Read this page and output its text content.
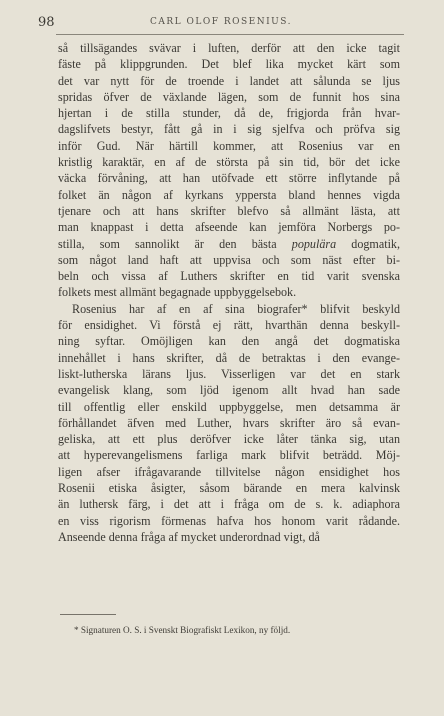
98	CARL OLOF ROSENIUS.

så tillsägandes svävar i luften, derför att den icke tagit
fäste på klippgrunden. Det blef lika mycket kärt som
det var nytt för de troende i landet att sålunda se ljus
spridas öfver de växlande lägen, som de funnit hos sina
hjertan i de stilla stunder, då de, frigjorda från hvar-
dagslifvets bestyr, fått gå in i sig sjelfva och pröfva sig
inför Gud. När härtill kommer, att Rosenius var en
kristlig karaktär, en af de största på sin tid, bör det icke
väcka förvåning, att han utöfvade ett större inflytande på
folket än någon af kyrkans yppersta bland hennes vigda
tjenare och att hans skrifter blefvo så allmänt lästa, att
man knappast i detta afseende kan jemföra Norbergs po-
stilla, som sannolikt är den bästa populära dogmatik,
som något land haft att uppvisa och som näst efter bi-
beln och vissa af Luthers skrifter en tid varit svenska
folkets mest allmänt begagnade uppbyggelsebok.

Rosenius har af en af sina biografer* blifvit beskyld
för ensidighet. Vi förstå ej rätt, hvarthän denna beskyll-
ning syftar. Omöjligen kan den angå det dogmatiska
innehållet i hans skrifter, då de betraktas i den evange-
liskt-lutherska lärans ljus. Visserligen var det en stark
evangelisk klang, som ljöd igenom allt hvad han sade
till offentlig eller enskild uppbyggelse, men detsamma är
förhållandet äfven med Luther, hvars skrifter äro så evan-
geliska, att ett plus deröfver icke låter tänka sig, utan
att hyperevangelismens farliga mark blifvit beträdd. Möj-
ligen afser ifrågavarande tillvitelse någon ensidighet hos
Rosenii etiska åsigter, såsom bärande en mera kalvinsk
än luthersk färg, i det att i fråga om de s. k. adiaphora
en viss rigorism förmenas hafva hos honom varit rådande.
Anseende denna fråga af mycket underordnad vigt, då

* Signaturen O. S. i Svenskt Biografiskt Lexikon, ny följd.
